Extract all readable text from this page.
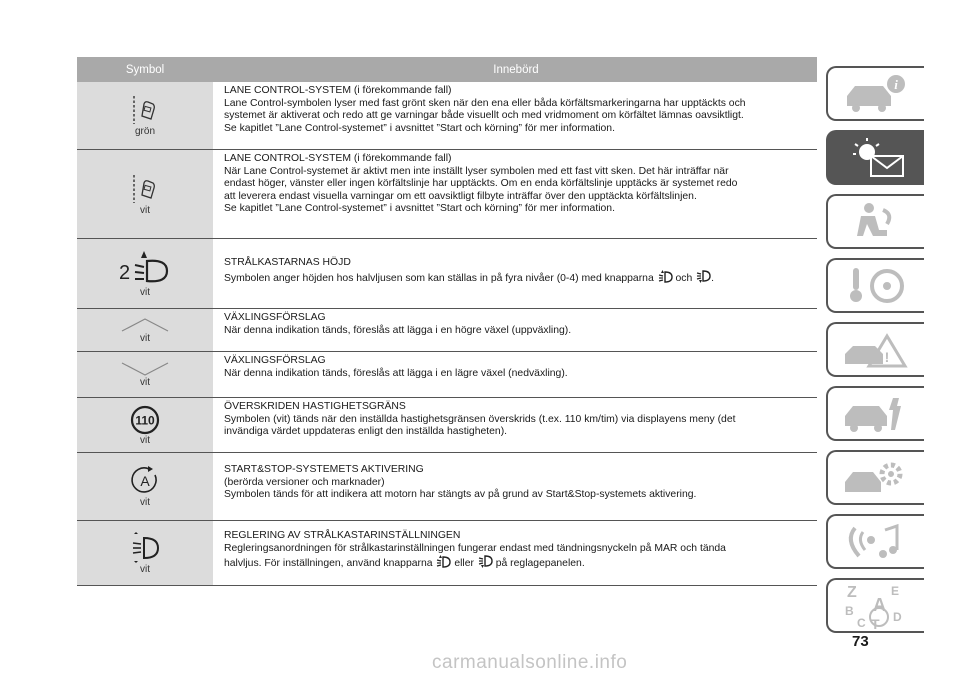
Symbol	Innebörd
grön
LANE CONTROL-SYSTEM (i förekommande fall)
Lane Control-symbolen lyser med fast grönt sken när den ena eller båda körfältsmarkeringarna har upptäckts och
systemet är aktiverat och redo att ge varningar både visuellt och med vridmoment om körfältet lämnas oavsiktligt.
Se kapitlet ”Lane Control-systemet” i avsnittet ”Start och körning” för mer information.
vit
LANE CONTROL-SYSTEM (i förekommande fall)
När Lane Control-systemet är aktivt men inte inställt lyser symbolen med ett fast vitt sken. Det här inträffar när
endast höger, vänster eller ingen körfältslinje har upptäckts. Om en enda körfältslinje upptäcks är systemet redo
att leverera endast visuella varningar om ett oavsiktligt filbyte inträffar över den upptäckta körfältslinjen.
Se kapitlet ”Lane Control-systemet” i avsnittet ”Start och körning” för mer information.
2
vit
STRÅLKASTARNAS HÖJD
Symbolen anger höjden hos halvljusen som kan ställas in på fyra nivåer (0-4) med knapparna och .
vit
VÄXLINGSFÖRSLAG
När denna indikation tänds, föreslås att lägga i en högre växel (uppväxling).
vit
VÄXLINGSFÖRSLAG
När denna indikation tänds, föreslås att lägga i en lägre växel (nedväxling).
110
vit
ÖVERSKRIDEN HASTIGHETSGRÄNS
Symbolen (vit) tänds när den inställda hastighetsgränsen överskrids (t.ex. 110 km/tim) via displayens meny (det
invändiga värdet uppdateras enligt den inställda hastigheten).
A
vit
START&STOP-SYSTEMETS AKTIVERING
(berörda versioner och marknader)
Symbolen tänds för att indikera att motorn har stängts av på grund av Start&Stop-systemets aktivering.
vit
REGLERING AV STRÅLKASTARINSTÄLLNINGEN
Regleringsanordningen för strålkastarinställningen fungerar endast med tändningsnyckeln på MAR och tända
halvljus. För inställningen, använd knapparna eller på reglagepanelen.
i
!
Z	E
A
B
C T D
73
carmanualsonline.info
